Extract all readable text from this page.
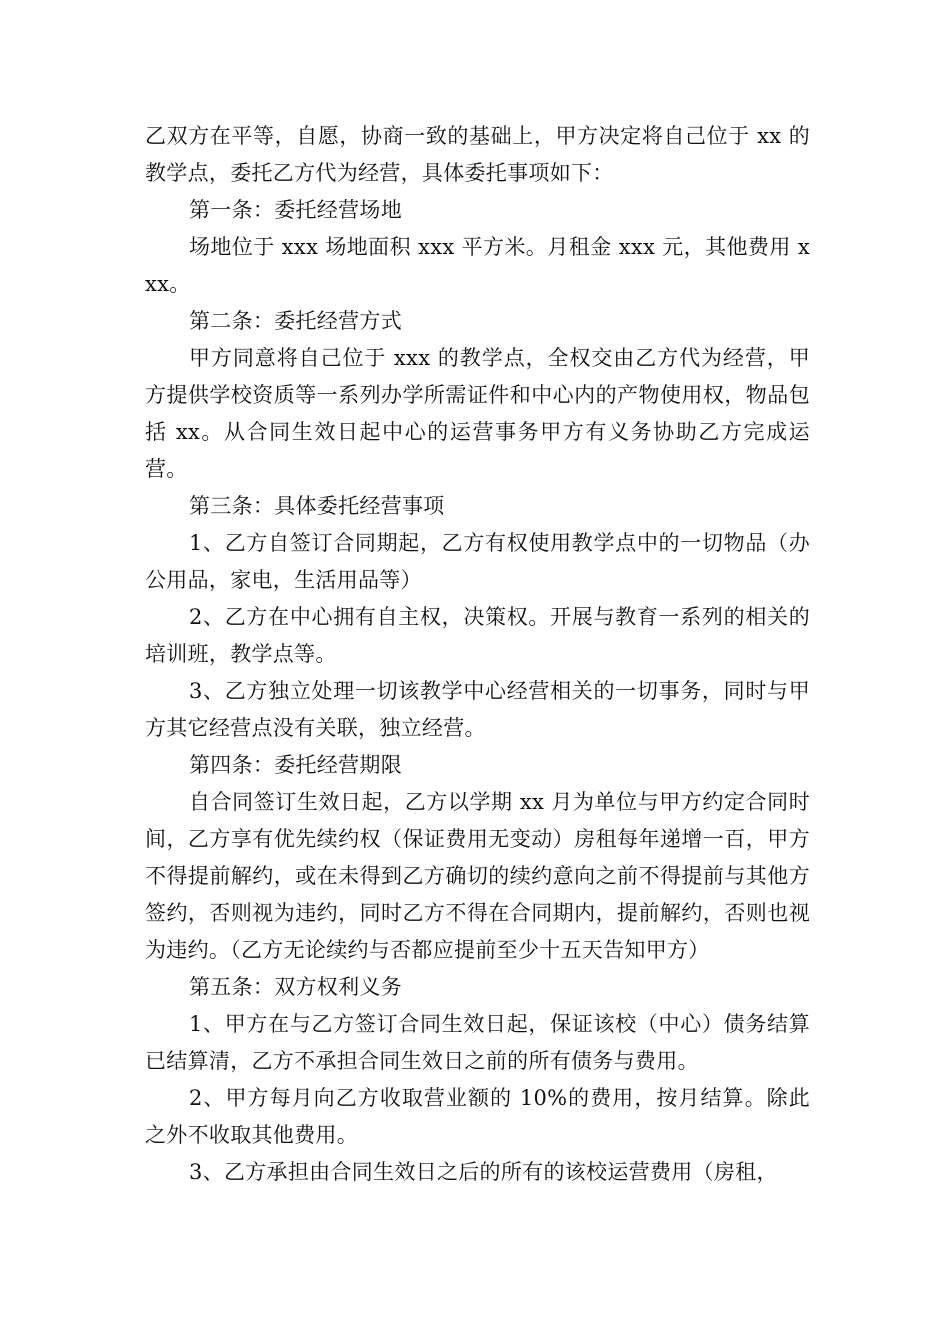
乙双方在平等，自愿，协商一致的基础上，甲方决定将自己位于 xx 的教学点，委托乙方代为经营，具体委托事项如下：

第一条：委托经营场地

场地位于 xxx 场地面积 xxx 平方米。月租金 xxx 元，其他费用 xxx。

第二条：委托经营方式

甲方同意将自己位于 xxx 的教学点，全权交由乙方代为经营，甲方提供学校资质等一系列办学所需证件和中心内的产物使用权，物品包括 xx。从合同生效日起中心的运营事务甲方有义务协助乙方完成运营。

第三条：具体委托经营事项

1、乙方自签订合同期起，乙方有权使用教学点中的一切物品（办公用品，家电，生活用品等）

2、乙方在中心拥有自主权，决策权。开展与教育一系列的相关的培训班，教学点等。

3、乙方独立处理一切该教学中心经营相关的一切事务，同时与甲方其它经营点没有关联，独立经营。

第四条：委托经营期限

自合同签订生效日起，乙方以学期 xx 月为单位与甲方约定合同时间，乙方享有优先续约权（保证费用无变动）房租每年递增一百，甲方不得提前解约，或在未得到乙方确切的续约意向之前不得提前与其他方签约，否则视为违约，同时乙方不得在合同期内，提前解约，否则也视为违约。（乙方无论续约与否都应提前至少十五天告知甲方）

第五条：双方权利义务

1、甲方在与乙方签订合同生效日起，保证该校（中心）债务结算已结算清，乙方不承担合同生效日之前的所有债务与费用。

2、甲方每月向乙方收取营业额的 10%的费用，按月结算。除此之外不收取其他费用。

3、乙方承担由合同生效日之后的所有的该校运营费用（房租，
